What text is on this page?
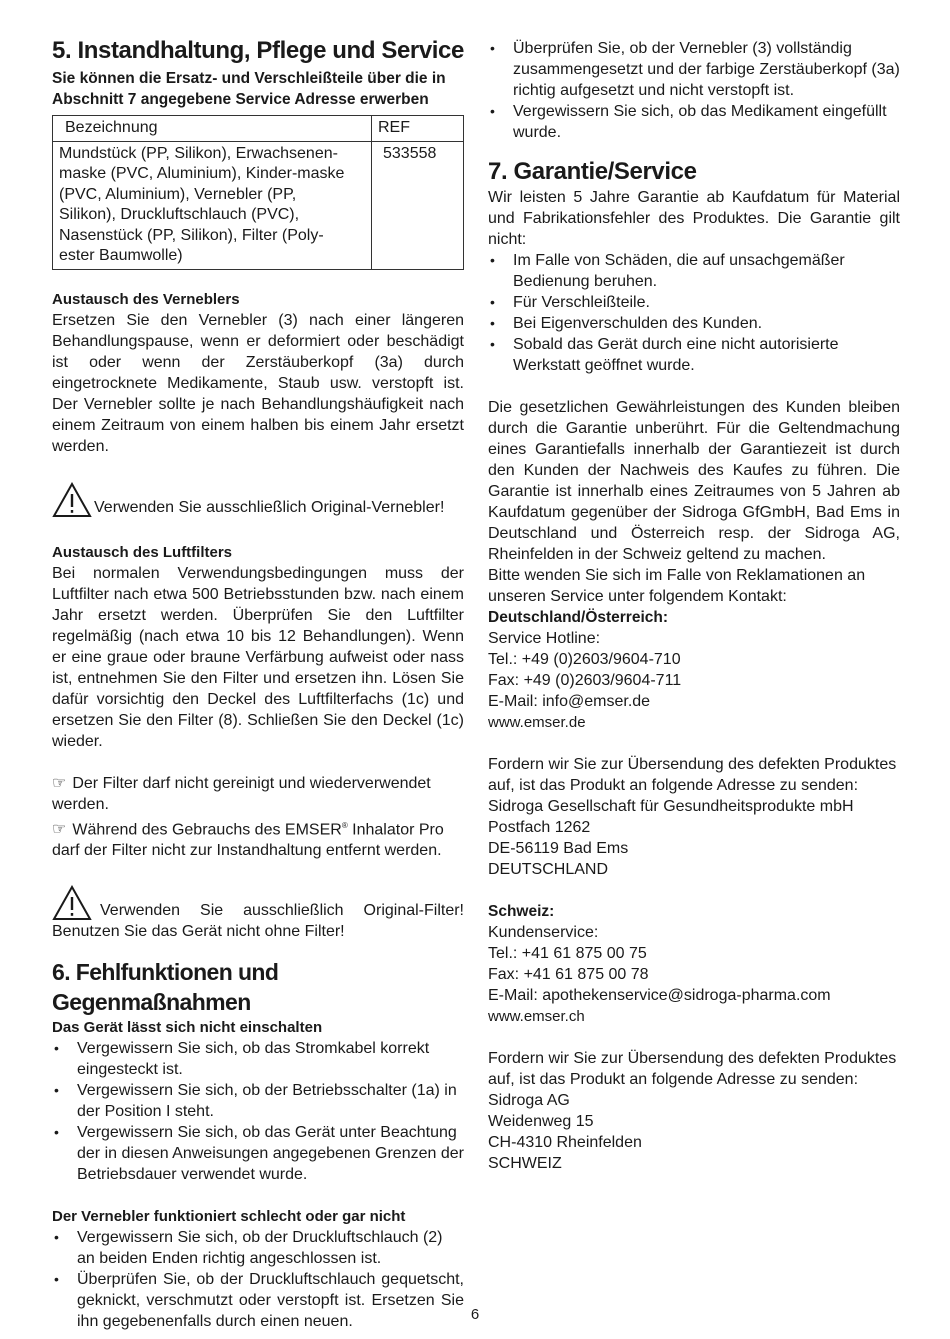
5. Instandhaltung, Pflege und Service

Sie können die Ersatz- und Verschleißteile über die in Abschnitt 7 angegebene Service Adresse erwerben

Bezeichnung	REF
Mundstück (PP, Silikon), Erwachsenen-maske (PVC, Aluminium), Kinder-maske (PVC, Aluminium), Vernebler (PP, Silikon), Druckluftschlauch (PVC), Nasenstück (PP, Silikon), Filter (Poly-ester Baumwolle)	533558

Austausch des Verneblers

Ersetzen Sie den Vernebler (3) nach einer längeren Behandlungspause, wenn er deformiert oder beschädigt ist oder wenn der Zerstäuberkopf (3a) durch eingetrocknete Medikamente, Staub usw. verstopft ist. Der Vernebler sollte je nach Behandlungshäufigkeit nach einem Zeitraum von einem halben bis einem Jahr ersetzt werden.

Verwenden Sie ausschließlich Original-Vernebler!

Austausch des Luftfilters

Bei normalen Verwendungsbedingungen muss der Luftfilter nach etwa 500 Betriebsstunden bzw. nach einem Jahr ersetzt werden. Überprüfen Sie den Luftfilter regelmäßig (nach etwa 10 bis 12 Behandlungen). Wenn er eine graue oder braune Verfärbung aufweist oder nass ist, entnehmen Sie den Filter und ersetzen ihn. Lösen Sie dafür vorsichtig den Deckel des Luftfilterfachs (1c) und ersetzen Sie den Filter (8). Schließen Sie den Deckel (1c) wieder.

☞ Der Filter darf nicht gereinigt und wiederverwendet werden.

☞ Während des Gebrauchs des EMSER® Inhalator Pro darf der Filter nicht zur Instandhaltung entfernt werden.

Verwenden Sie ausschließlich Original-Filter!

Benutzen Sie das Gerät nicht ohne Filter!

6. Fehlfunktionen und Gegenmaßnahmen

Das Gerät lässt sich nicht einschalten

• Vergewissern Sie sich, ob das Stromkabel korrekt eingesteckt ist.
• Vergewissern Sie sich, ob der Betriebsschalter (1a) in der Position I steht.
• Vergewissern Sie sich, ob das Gerät unter Beachtung der in diesen Anweisungen angegebenen Grenzen der Betriebsdauer verwendet wurde.

Der Vernebler funktioniert schlecht oder gar nicht

• Vergewissern Sie sich, ob der Druckluftschlauch (2) an beiden Enden richtig angeschlossen ist.
• Überprüfen Sie, ob der Druckluftschlauch gequetscht, geknickt, verschmutzt oder verstopft ist. Ersetzen Sie ihn gegebenenfalls durch einen neuen.
• Überprüfen Sie, ob der Vernebler (3) vollständig zusammengesetzt und der farbige Zerstäuberkopf (3a) richtig aufgesetzt und nicht verstopft ist.
• Vergewissern Sie sich, ob das Medikament eingefüllt wurde.
7. Garantie/Service

Wir leisten 5 Jahre Garantie ab Kaufdatum für Material und Fabrikationsfehler des Produktes. Die Garantie gilt nicht:

• Im Falle von Schäden, die auf unsachgemäßer Bedienung beruhen.
• Für Verschleißteile.
• Bei Eigenverschulden des Kunden.
• Sobald das Gerät durch eine nicht autorisierte Werkstatt geöffnet wurde.

Die gesetzlichen Gewährleistungen des Kunden bleiben durch die Garantie unberührt. Für die Geltendmachung eines Garantiefalls innerhalb der Garantiezeit ist durch den Kunden der Nachweis des Kaufes zu führen. Die Garantie ist innerhalb eines Zeitraumes von 5 Jahren ab Kaufdatum gegenüber der Sidroga GfGmbH, Bad Ems in Deutschland und Österreich resp. der Sidroga AG, Rheinfelden in der Schweiz geltend zu machen.

Bitte wenden Sie sich im Falle von Reklamationen an unseren Service unter folgendem Kontakt:

Deutschland/Österreich:

Service Hotline:

Tel.: +49 (0)2603/9604-710

Fax: +49 (0)2603/9604-711

E-Mail: info@emser.de

www.emser.de

Fordern wir Sie zur Übersendung des defekten Produktes auf, ist das Produkt an folgende Adresse zu senden:

Sidroga Gesellschaft für Gesundheitsprodukte mbH

Postfach 1262

DE-56119 Bad Ems

DEUTSCHLAND

Schweiz:

Kundenservice:

Tel.: +41 61 875 00 75

Fax: +41 61 875 00 78

E-Mail: apothekenservice@sidroga-pharma.com

www.emser.ch

Fordern wir Sie zur Übersendung des defekten Produktes auf, ist das Produkt an folgende Adresse zu senden:

Sidroga AG

Weidenweg 15

CH-4310 Rheinfelden

SCHWEIZ

6
